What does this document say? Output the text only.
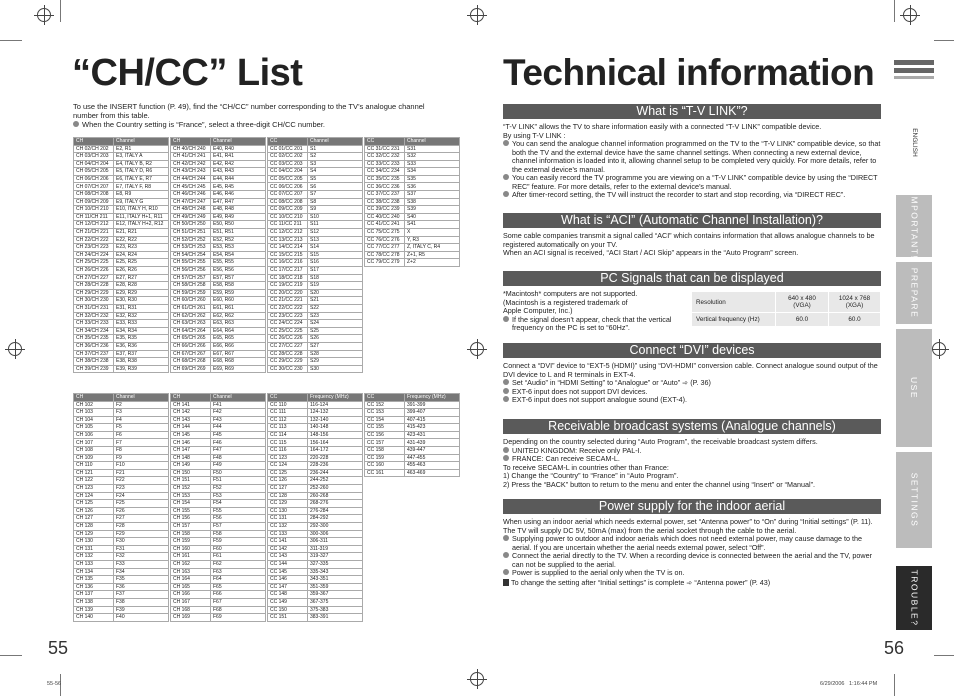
“CH/CC” List
To use the INSERT function (P. 49), find the “CH/CC” number corresponding to the TV’s analogue channel
number from this table.
When the Country setting is “France”, select a three-digit CH/CC number.
CH	Channel
CH 02/CH 202	E2, R1
CH 03/CH 203	E3, ITALY A
CH 04/CH 204	E4, ITALY B, R2
CH 05/CH 205	E5, ITALY D, R6
CH 06/CH 206	E6, ITALY E, R7
CH 07/CH 207	E7, ITALY F, R8
CH 08/CH 208	E8, R9
CH 09/CH 209	E9, ITALY G
CH 10/CH 210	E10, ITALY H, R10
CH 11/CH 211	E11, ITALY H+1, R11
CH 12/CH 212	E12, ITALY H+2, R12
CH 21/CH 221	E21, R21
CH 22/CH 222	E22, R22
CH 23/CH 223	E23, R23
CH 24/CH 224	E24, R24
CH 25/CH 225	E25, R25
CH 26/CH 226	E26, R26
CH 27/CH 227	E27, R27
CH 28/CH 228	E28, R28
CH 29/CH 229	E29, R29
CH 30/CH 230	E30, R30
CH 31/CH 231	E31, R31
CH 32/CH 232	E32, R32
CH 33/CH 233	E33, R33
CH 34/CH 234	E34, R34
CH 35/CH 235	E35, R35
CH 36/CH 236	E36, R36
CH 37/CH 237	E37, R37
CH 38/CH 238	E38, R38
CH 39/CH 239	E39, R39
CH	Channel
CH 40/CH 240	E40, R40
CH 41/CH 241	E41, R41
CH 42/CH 242	E42, R42
CH 43/CH 243	E43, R43
CH 44/CH 244	E44, R44
CH 45/CH 245	E45, R45
CH 46/CH 246	E46, R46
CH 47/CH 247	E47, R47
CH 48/CH 248	E48, R48
CH 49/CH 249	E49, R49
CH 50/CH 250	E50, R50
CH 51/CH 251	E51, R51
CH 52/CH 252	E52, R52
CH 53/CH 253	E53, R53
CH 54/CH 254	E54, R54
CH 55/CH 255	E55, R55
CH 56/CH 256	E56, R56
CH 57/CH 257	E57, R57
CH 58/CH 258	E58, R58
CH 59/CH 259	E59, R59
CH 60/CH 260	E60, R60
CH 61/CH 261	E61, R61
CH 62/CH 262	E62, R62
CH 63/CH 263	E63, R63
CH 64/CH 264	E64, R64
CH 65/CH 265	E65, R65
CH 66/CH 266	E66, R66
CH 67/CH 267	E67, R67
CH 68/CH 268	E68, R68
CH 69/CH 269	E69, R69
CC	Channel
CC 01/CC 201	S1
CC 02/CC 202	S2
CC 03/CC 203	S3
CC 04/CC 204	S4
CC 05/CC 205	S5
CC 06/CC 206	S6
CC 07/CC 207	S7
CC 08/CC 208	S8
CC 09/CC 209	S9
CC 10/CC 210	S10
CC 11/CC 211	S11
CC 12/CC 212	S12
CC 13/CC 213	S13
CC 14/CC 214	S14
CC 15/CC 215	S15
CC 16/CC 216	S16
CC 17/CC 217	S17
CC 18/CC 218	S18
CC 19/CC 219	S19
CC 20/CC 220	S20
CC 21/CC 221	S21
CC 22/CC 222	S22
CC 23/CC 223	S23
CC 24/CC 224	S24
CC 25/CC 225	S25
CC 26/CC 226	S26
CC 27/CC 227	S27
CC 28/CC 228	S28
CC 29/CC 229	S29
CC 30/CC 230	S30
CC	Channel
CC 31/CC 231	S31
CC 32/CC 232	S32
CC 33/CC 233	S33
CC 34/CC 234	S34
CC 35/CC 235	S35
CC 36/CC 236	S36
CC 37/CC 237	S37
CC 38/CC 238	S38
CC 39/CC 239	S39
CC 40/CC 240	S40
CC 41/CC 241	S41
CC 75/CC 275	X
CC 76/CC 276	Y, R3
CC 77/CC 277	Z, ITALY C, R4
CC 78/CC 278	Z+1, R5
CC 79/CC 279	Z+2
CH	Channel
CH 102	F2
CH 103	F3
CH 104	F4
CH 105	F5
CH 106	F6
CH 107	F7
CH 108	F8
CH 109	F9
CH 110	F10
CH 121	F21
CH 122	F22
CH 123	F23
CH 124	F24
CH 125	F25
CH 126	F26
CH 127	F27
CH 128	F28
CH 129	F29
CH 130	F30
CH 131	F31
CH 132	F32
CH 133	F33
CH 134	F34
CH 135	F35
CH 136	F36
CH 137	F37
CH 138	F38
CH 139	F39
CH 140	F40
CH	Channel
CH 141	F41
CH 142	F42
CH 143	F43
CH 144	F44
CH 145	F45
CH 146	F46
CH 147	F47
CH 148	F48
CH 149	F49
CH 150	F50
CH 151	F51
CH 152	F52
CH 153	F53
CH 154	F54
CH 155	F55
CH 156	F56
CH 157	F57
CH 158	F58
CH 159	F59
CH 160	F60
CH 161	F61
CH 162	F62
CH 163	F63
CH 164	F64
CH 165	F65
CH 166	F66
CH 167	F67
CH 168	F68
CH 169	F69
CC	Frequency (MHz)
CC 110	116-124
CC 111	124-132
CC 112	132-140
CC 113	140-148
CC 114	148-156
CC 115	156-164
CC 116	164-172
CC 123	220-228
CC 124	228-236
CC 125	236-244
CC 126	244-252
CC 127	252-260
CC 128	260-268
CC 129	268-276
CC 130	276-284
CC 131	284-292
CC 132	292-300
CC 133	300-306
CC 141	306-311
CC 142	311-319
CC 143	319-327
CC 144	327-335
CC 145	335-343
CC 146	343-351
CC 147	351-359
CC 148	359-367
CC 149	367-375
CC 150	375-383
CC 151	383-391
CC	Frequency (MHz)
CC 152	391-399
CC 153	399-407
CC 154	407-415
CC 155	415-423
CC 156	423-431
CC 157	431-439
CC 158	439-447
CC 159	447-455
CC 160	455-463
CC 161	463-469
55
55-56
Technical information
What is “T-V LINK”?
“T-V LINK” allows the TV to share information easily with a connected “T-V LINK” compatible device.
By using T-V LINK :
You can send the analogue channel information programmed on the TV to the “T-V LINK” compatible device, so that both the TV and the external device have the same channel settings. When connecting a new external device, channel information is loaded into it, allowing channel setup to be completed very quickly. For more details, refer to the external device’s manual.
You can easily record the TV programme you are viewing on a “T-V LINK” compatible device by using the “DIRECT REC” feature. For more details, refer to the external device’s manual.
After timer-record setting, the TV will instruct the recorder to start and stop recording, via “DIRECT REC”.
What is “ACI” (Automatic Channel Installation)?
Some cable companies transmit a signal called “ACI” which contains information that allows analogue channels to be registered automatically on your TV.
When an ACI signal is received, “ACI Start / ACI Skip” appears in the “Auto Program” screen.
PC Signals that can be displayed
*Macintosh* computers are not supported.
(Macintosh is a registered trademark of
Apple Computer, Inc.)
If the signal doesn’t appear, check that the vertical frequency on the PC is set to “60Hz”.
Resolution	640 x 480 (VGA)	1024 x 768 (XGA)
Vertical frequency (Hz)	60.0	60.0
Connect “DVI” devices
Connect a “DVI” device to “EXT-5 (HDMI)” using “DVI-HDMI” conversion cable. Connect analogue sound output of the DVI device to L and R terminals in EXT-4.
Set “Audio” in “HDMI Setting” to “Analogue” or “Auto” ➾ (P. 36)
EXT-6 input does not support DVI devices.
EXT-6 input does not support analogue sound (EXT-4).
Receivable broadcast systems (Analogue channels)
Depending on the country selected during “Auto Program”, the receivable broadcast system differs.
UNITED KINGDOM: Receive only PAL-I.
FRANCE: Can receive SECAM-L.
To receive SECAM-L in countries other than France:
1) Change the “Country” to “France” in “Auto Program”.
2) Press the “BACK” button to return to the menu and enter the channel using “Insert” or “Manual”.
Power supply for the indoor aerial
When using an indoor aerial which needs external power, set “Antenna power” to “On” during “Initial settings” (P. 11). The TV will supply DC 5V, 50mA (max) from the aerial socket through the cable to the aerial.
Supplying power to outdoor and indoor aerials which does not need external power, may cause damage to the aerial. If you are uncertain whether the aerial needs external power, select “Off”.
Connect the aerial directly to the TV. When a recording device is connected between the aerial and the TV, power can not be supplied to the aerial.
Power is supplied to the aerial only when the TV is on.
To change the setting after “Initial settings” is complete ➾ “Antenna power” (P. 43)
ENGLISH
IMPORTANT!
PREPARE
USE
SETTINGS
TROUBLE?
56
6/29/2006   1:16:44 PM
